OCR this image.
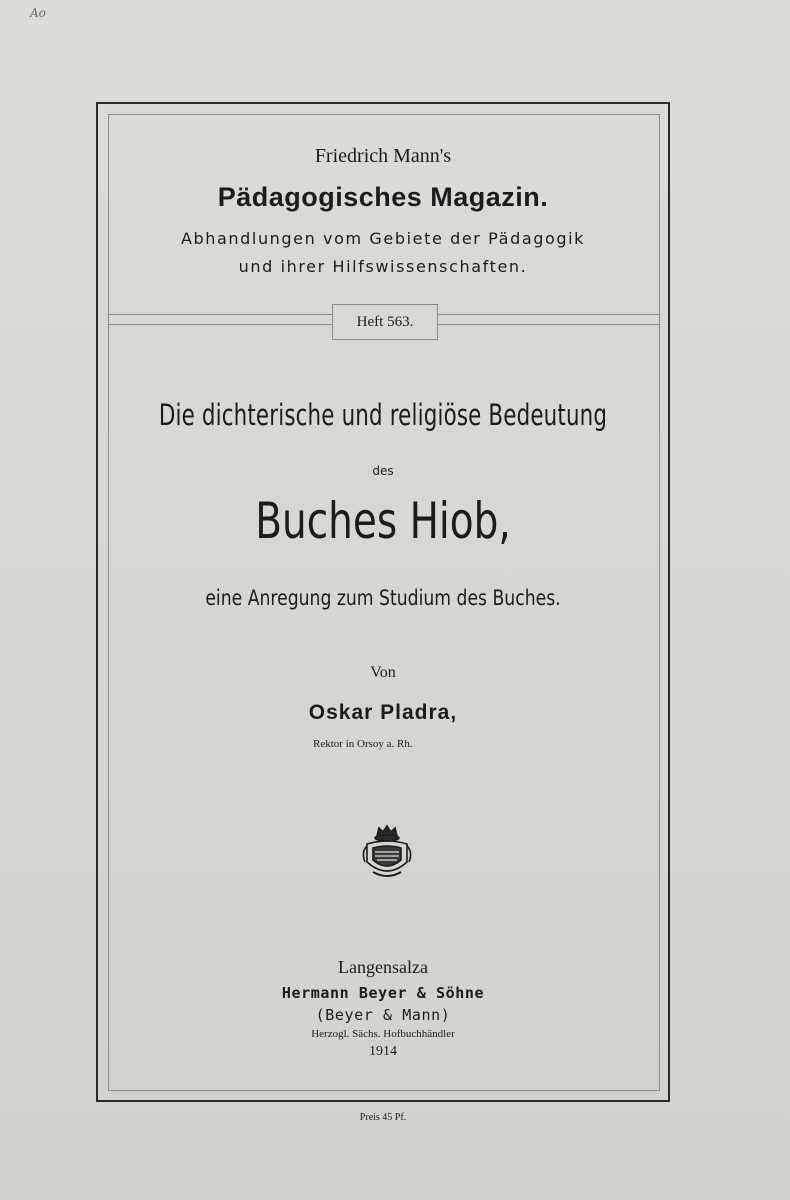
Ao
Friedrich Mann's
Pädagogisches Magazin.
Abhandlungen vom Gebiete der Pädagogik
und ihrer Hilfswissenschaften.
Heft 563.
Die dichterische und religiöse Bedeutung
des
Buches Hiob,
eine Anregung zum Studium des Buches.
Von
Oskar Pladra,
Rektor in Orsoy a. Rh.
Langensalza
Hermann Beyer & Söhne
(Beyer & Mann)
Herzogl. Sächs. Hofbuchhändler
1914
Preis 45 Pf.
